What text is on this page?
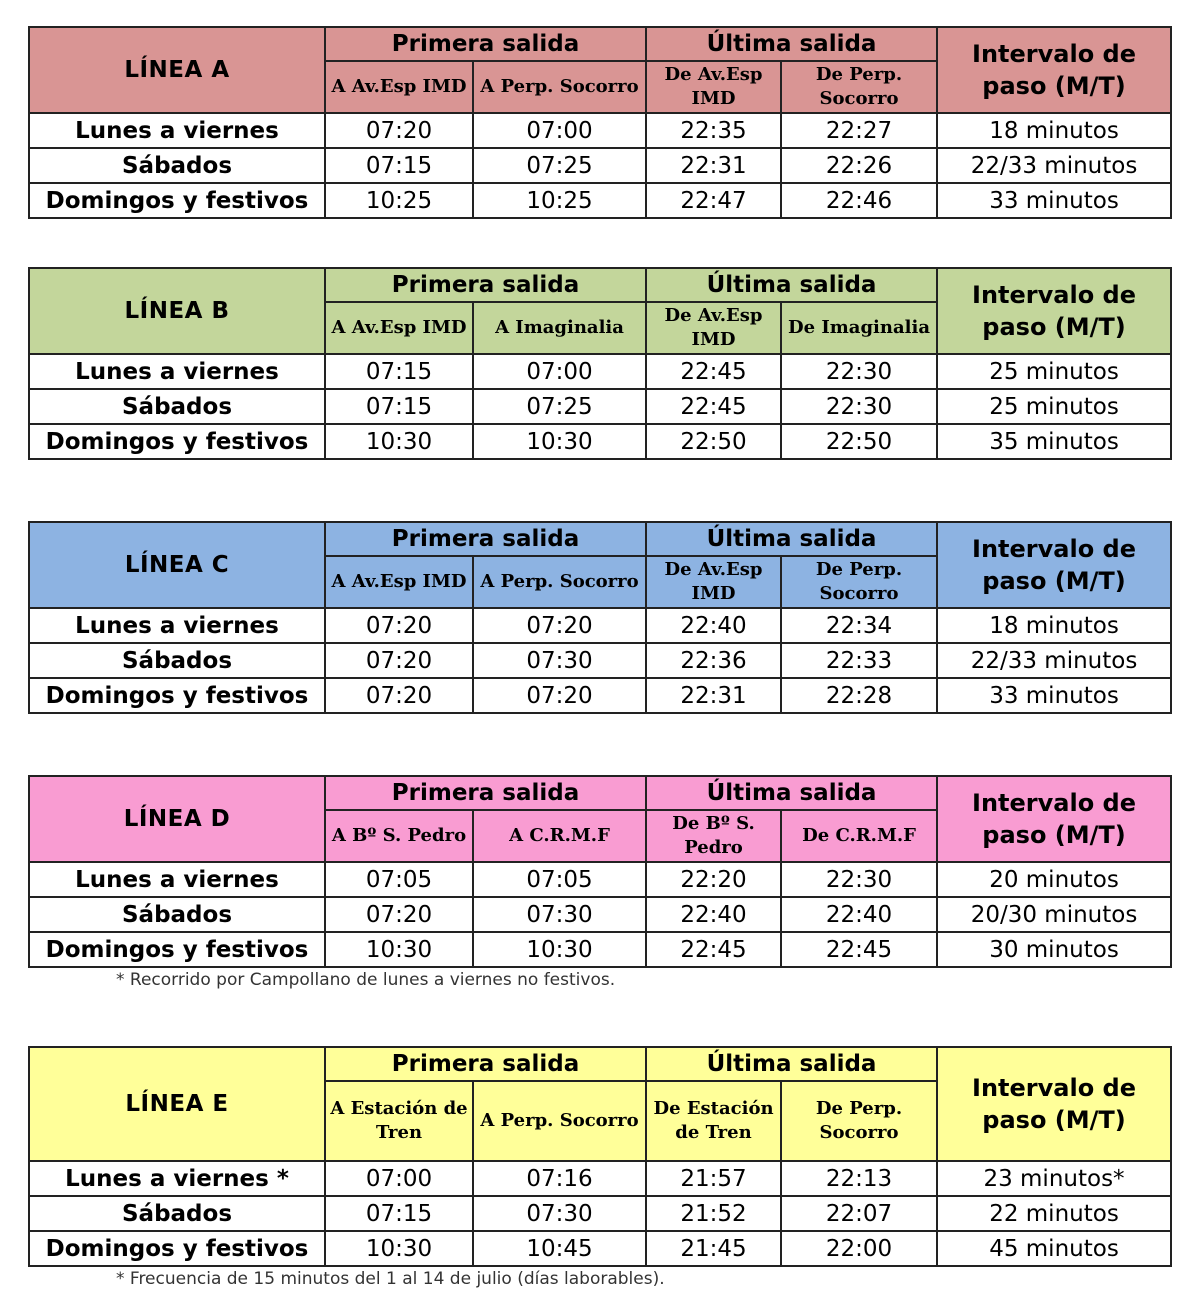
LÍNEA A	Primera salida		Última salida		Intervalo de paso (M/T)
	A Av.Esp IMD	A Perp. Socorro	De Av.Esp IMD	De Perp. Socorro	
Lunes a viernes	07:20	07:00	22:35	22:27	18 minutos
Sábados	07:15	07:25	22:31	22:26	22/33 minutos
Domingos y festivos	10:25	10:25	22:47	22:46	33 minutos
LÍNEA B	Primera salida		Última salida		Intervalo de paso (M/T)
	A Av.Esp IMD	A Imaginalia	De Av.Esp IMD	De Imaginalia	
Lunes a viernes	07:15	07:00	22:45	22:30	25 minutos
Sábados	07:15	07:25	22:45	22:30	25 minutos
Domingos y festivos	10:30	10:30	22:50	22:50	35 minutos
LÍNEA C	Primera salida		Última salida		Intervalo de paso (M/T)
	A Av.Esp IMD	A Perp. Socorro	De Av.Esp IMD	De Perp. Socorro	
Lunes a viernes	07:20	07:20	22:40	22:34	18 minutos
Sábados	07:20	07:30	22:36	22:33	22/33 minutos
Domingos y festivos	07:20	07:20	22:31	22:28	33 minutos
LÍNEA D	Primera salida		Última salida		Intervalo de paso (M/T)
	A Bº S. Pedro	A C.R.M.F	De Bº S. Pedro	De C.R.M.F	
Lunes a viernes	07:05	07:05	22:20	22:30	20 minutos
Sábados	07:20	07:30	22:40	22:40	20/30 minutos
Domingos y festivos	10:30	10:30	22:45	22:45	30 minutos
* Recorrido por Campollano de lunes a viernes no festivos.
LÍNEA E	Primera salida		Última salida		Intervalo de paso (M/T)
	A Estación de Tren	A Perp. Socorro	De Estación de Tren	De Perp. Socorro	
Lunes a viernes *	07:00	07:16	21:57	22:13	23 minutos*
Sábados	07:15	07:30	21:52	22:07	22 minutos
Domingos y festivos	10:30	10:45	21:45	22:00	45 minutos
* Frecuencia de 15 minutos del 1 al 14 de julio (días laborables).
